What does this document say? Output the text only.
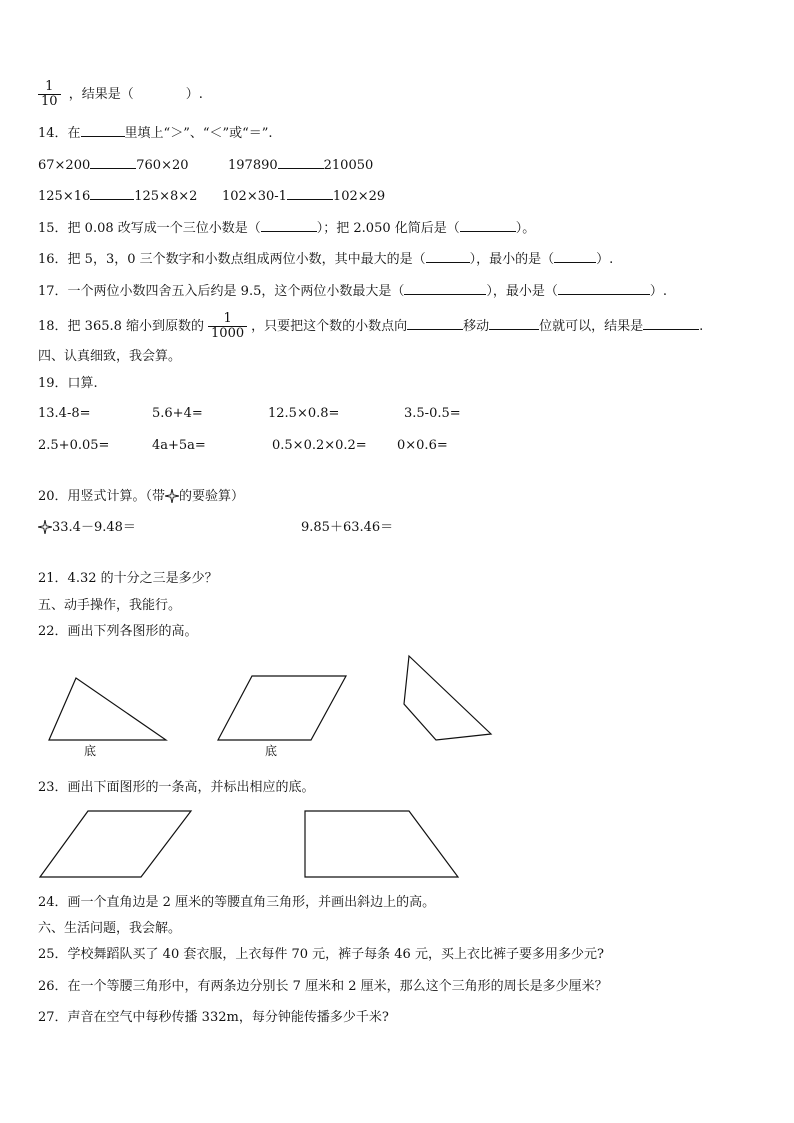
$\frac{1}{10}$ ，结果是（　　　　）.
14．在	里填上“＞”、“＜”或“＝”.
67×200	760×20	197890	210050
125×16	125×8×2 102×30-1	102×29
15．把 0.08 改写成一个三位小数是（	）；把 2.050 化简后是（	）。
16．把 5，3，0 三个数字和小数点组成两位小数，其中最大的是（	），最小的是（	）.
17．一个两位小数四舍五入后约是 9.5，这个两位小数最大是（	），最小是（	）.
18．把 365.8 缩小到原数的 $\frac{1}{1000}$ ，只要把这个数的小数点向	移动	位就可以，结果是	.
四、认真细致，我会算。
19．口算.
13.4-8=	5.6+4=	12.5×0.8=	3.5-0.5=
2.5+0.05=	4a+5a=	0.5×0.2×0.2= 0×0.6=
20．用竖式计算。（带 的要验算）
33.4－9.48＝	9.85＋63.46＝
21．4.32 的十分之三是多少？
五、动手操作，我能行。
22．画出下列各图形的高。
底	底
23．画出下面图形的一条高，并标出相应的底。
24．画一个直角边是 2 厘米的等腰直角三角形，并画出斜边上的高。
六、生活问题，我会解。
25．学校舞蹈队买了 40 套衣服，上衣每件 70 元，裤子每条 46 元，买上衣比裤子要多用多少元?
26．在一个等腰三角形中，有两条边分别长 7 厘米和 2 厘米，那么这个三角形的周长是多少厘米？
27．声音在空气中每秒传播 332m，每分钟能传播多少千米?
